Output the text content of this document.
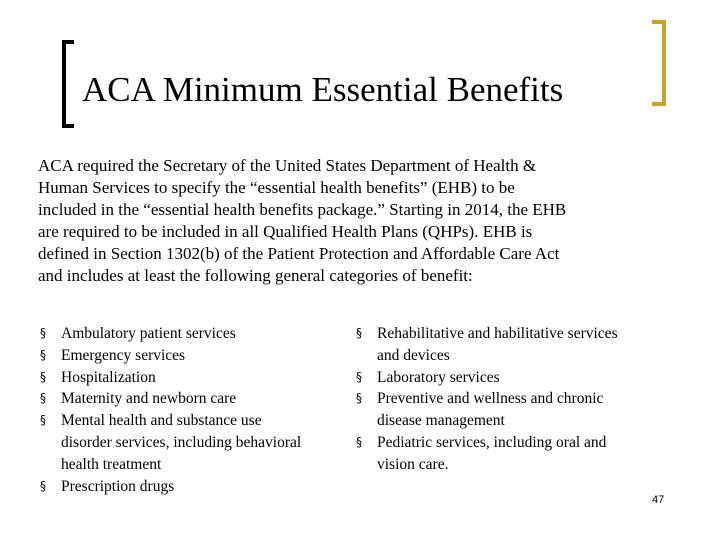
ACA Minimum Essential Benefits

ACA required the Secretary of the United States Department of Health &
Human Services to specify the “essential health benefits” (EHB) to be
included in the “essential health benefits package.” Starting in 2014, the EHB
are required to be included in all Qualified Health Plans (QHPs). EHB is
defined in Section 1302(b) of the Patient Protection and Affordable Care Act
and includes at least the following general categories of benefit:

§ Ambulatory patient services
§ Emergency services
§ Hospitalization
§ Maternity and newborn care
§ Mental health and substance use
disorder services, including behavioral
health treatment
§ Prescription drugs
§ Rehabilitative and habilitative services
and devices
§ Laboratory services
§ Preventive and wellness and chronic
disease management
§ Pediatric services, including oral and
vision care.
47
